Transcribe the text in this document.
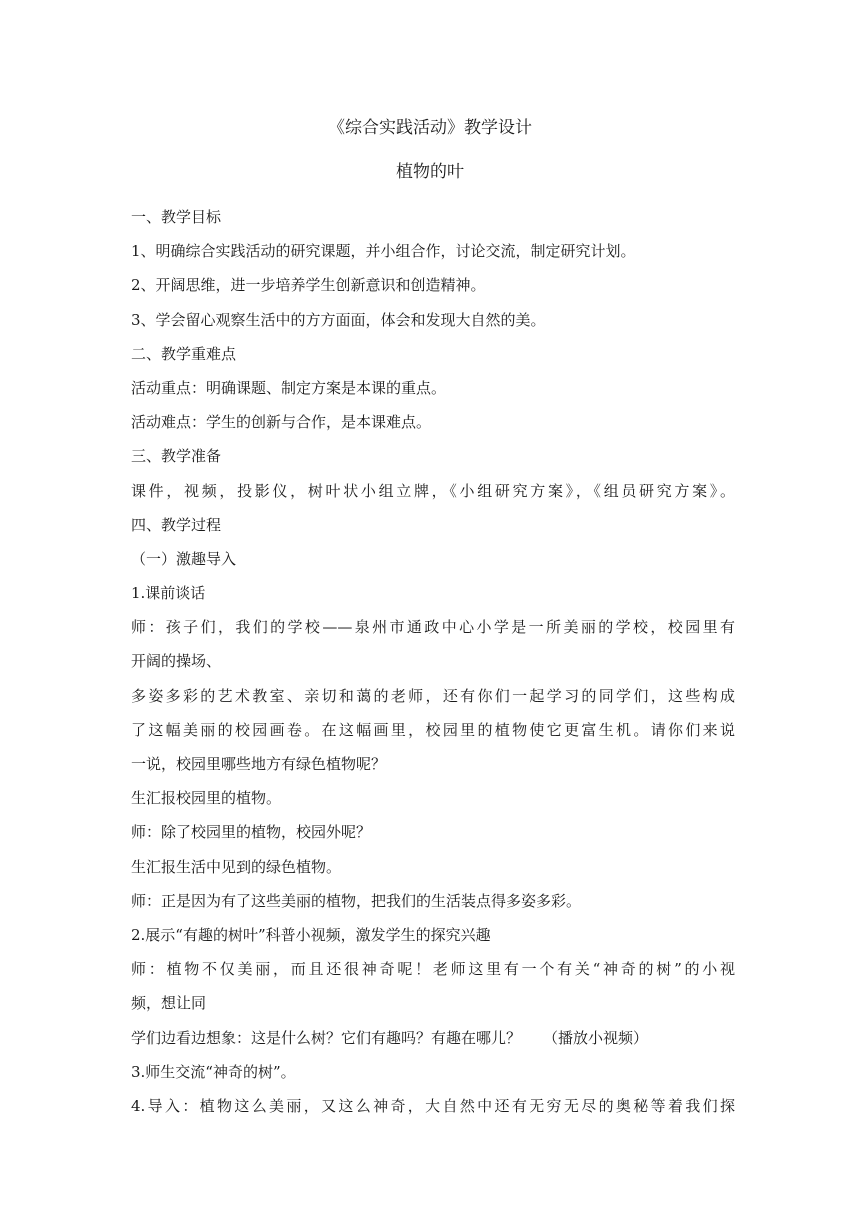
《综合实践活动》教学设计
植物的叶
一、教学目标
1、明确综合实践活动的研究课题，并小组合作，讨论交流，制定研究计划。
2、开阔思维，进一步培养学生创新意识和创造精神。
3、学会留心观察生活中的方方面面，体会和发现大自然的美。
二、教学重难点
活动重点：明确课题、制定方案是本课的重点。
活动难点：学生的创新与合作，是本课难点。
三、教学准备
课件，视频，投影仪，树叶状小组立牌，《小组研究方案》，《组员研究方案》。
四、教学过程
（一）激趣导入
1.课前谈话
师：孩子们，我们的学校——泉州市通政中心小学是一所美丽的学校，校园里有
开阔的操场、
多姿多彩的艺术教室、亲切和蔼的老师，还有你们一起学习的同学们，这些构成
了这幅美丽的校园画卷。在这幅画里，校园里的植物使它更富生机。请你们来说
一说，校园里哪些地方有绿色植物呢？
生汇报校园里的植物。
师：除了校园里的植物，校园外呢？
生汇报生活中见到的绿色植物。
师：正是因为有了这些美丽的植物，把我们的生活装点得多姿多彩。
2.展示“有趣的树叶”科普小视频，激发学生的探究兴趣
师：植物不仅美丽，而且还很神奇呢！老师这里有一个有关“神奇的树”的小视
频，想让同
学们边看边想象：这是什么树？它们有趣吗？有趣在哪儿？ （播放小视频）
3.师生交流“神奇的树”。
4.导入：植物这么美丽，又这么神奇，大自然中还有无穷无尽的奥秘等着我们探
